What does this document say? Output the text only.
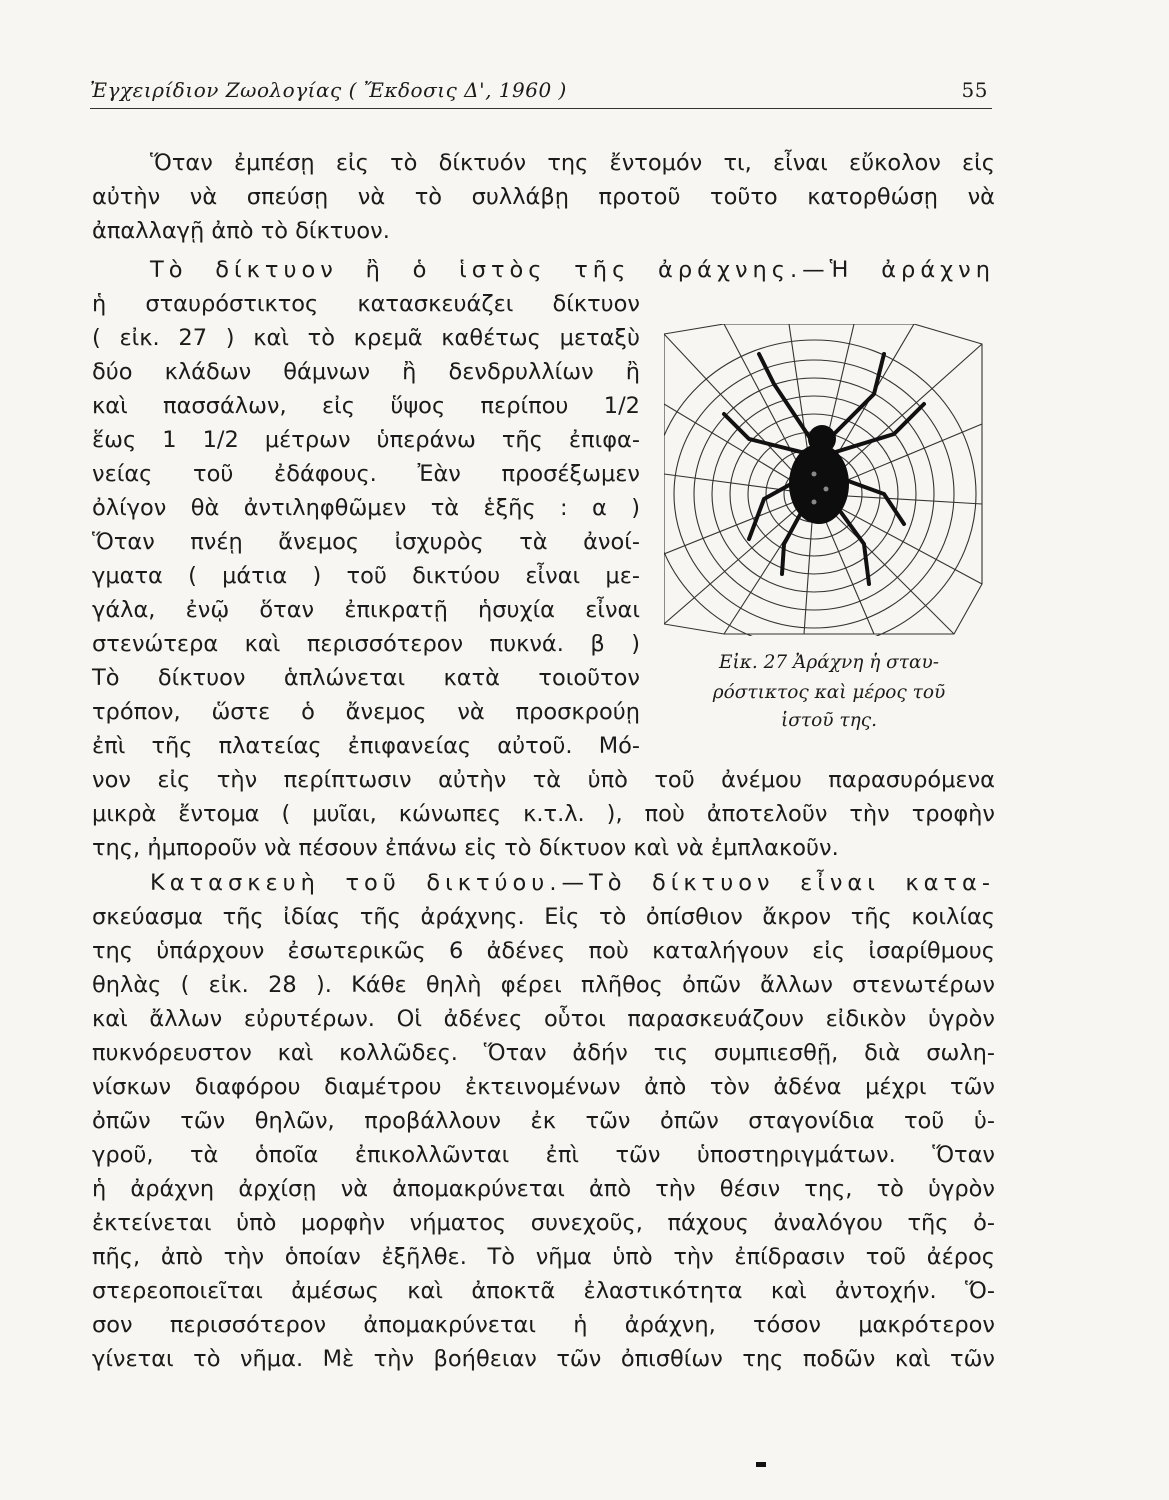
Ἐγχειρίδιον Ζωολογίας ( Ἔκδοσις Δ', 1960 )	55
Ὅταν ἐμπέσῃ εἰς τὸ δίκτυόν της ἔντομόν τι, εἶναι εὔκολον εἰς
αὐτὴν νὰ σπεύσῃ νὰ τὸ συλλάβῃ προτοῦ τοῦτο κατορθώσῃ νὰ
ἀπαλλαγῇ ἀπὸ τὸ δίκτυον.
Τὸ δίκτυον ἢ ὁ ἱστὸς τῆς ἀράχνης.—Ἡ ἀράχνη
ἡ σταυρόστικτος κατασκευάζει δίκτυον
( εἰκ. 27 ) καὶ τὸ κρεμᾶ καθέτως μεταξὺ
δύο κλάδων θάμνων ἢ δενδρυλλίων ἢ
καὶ πασσάλων, εἰς ὕψος περίπου 1/2
ἕως 1 1/2 μέτρων ὑπεράνω τῆς ἐπιφα-
νείας τοῦ ἐδάφους. Ἐὰν προσέξωμεν
ὀλίγον θὰ ἀντιληφθῶμεν τὰ ἑξῆς : α )
Ὅταν πνέῃ ἄνεμος ἰσχυρὸς τὰ ἀνοί-
γματα ( μάτια ) τοῦ δικτύου εἶναι με-
γάλα, ἐνῷ ὅταν ἐπικρατῇ ἡσυχία εἶναι
στενώτερα καὶ περισσότερον πυκνά. β )
Τὸ δίκτυον ἁπλώνεται κατὰ τοιοῦτον
τρόπον, ὥστε ὁ ἄνεμος νὰ προσκρούῃ
ἐπὶ τῆς πλατείας ἐπιφανείας αὐτοῦ. Μό-
νον εἰς τὴν περίπτωσιν αὐτὴν τὰ ὑπὸ τοῦ ἀνέμου παρασυρόμενα
μικρὰ ἔντομα ( μυῖαι, κώνωπες κ.τ.λ. ), ποὺ ἀποτελοῦν τὴν τροφὴν
της, ἠμποροῦν νὰ πέσουν ἐπάνω εἰς τὸ δίκτυον καὶ νὰ ἐμπλακοῦν.
Κατασκευὴ τοῦ δικτύου.—Τὸ δίκτυον εἶναι κατα-
σκεύασμα τῆς ἰδίας τῆς ἀράχνης. Εἰς τὸ ὀπίσθιον ἄκρον τῆς κοιλίας
της ὑπάρχουν ἐσωτερικῶς 6 ἀδένες ποὺ καταλήγουν εἰς ἰσαρίθμους
θηλὰς ( εἰκ. 28 ). Κάθε θηλὴ φέρει πλῆθος ὀπῶν ἄλλων στενωτέρων
καὶ ἄλλων εὐρυτέρων. Οἱ ἀδένες οὗτοι παρασκευάζουν εἰδικὸν ὑγρὸν
πυκνόρευστον καὶ κολλῶδες. Ὅταν ἀδήν τις συμπιεσθῇ, διὰ σωλη-
νίσκων διαφόρου διαμέτρου ἐκτεινομένων ἀπὸ τὸν ἀδένα μέχρι τῶν
ὀπῶν τῶν θηλῶν, προβάλλουν ἐκ τῶν ὀπῶν σταγονίδια τοῦ ὑ-
γροῦ, τὰ ὁποῖα ἐπικολλῶνται ἐπὶ τῶν ὑποστηριγμάτων. Ὅταν
ἡ ἀράχνη ἀρχίσῃ νὰ ἀπομακρύνεται ἀπὸ τὴν θέσιν της, τὸ ὑγρὸν
ἐκτείνεται ὑπὸ μορφὴν νήματος συνεχοῦς, πάχους ἀναλόγου τῆς ὀ-
πῆς, ἀπὸ τὴν ὁποίαν ἐξῆλθε. Τὸ νῆμα ὑπὸ τὴν ἐπίδρασιν τοῦ ἀέρος
στερεοποιεῖται ἀμέσως καὶ ἀποκτᾶ ἐλαστικότητα καὶ ἀντοχήν. Ὅ-
σον περισσότερον ἀπομακρύνεται ἡ ἀράχνη, τόσον μακρότερον
γίνεται τὸ νῆμα. Μὲ τὴν βοήθειαν τῶν ὀπισθίων της ποδῶν καὶ τῶν
Εἰκ. 27 Ἀράχνη ἡ σταυ-
ρόστικτος καὶ μέρος τοῦ
ἱστοῦ της.
